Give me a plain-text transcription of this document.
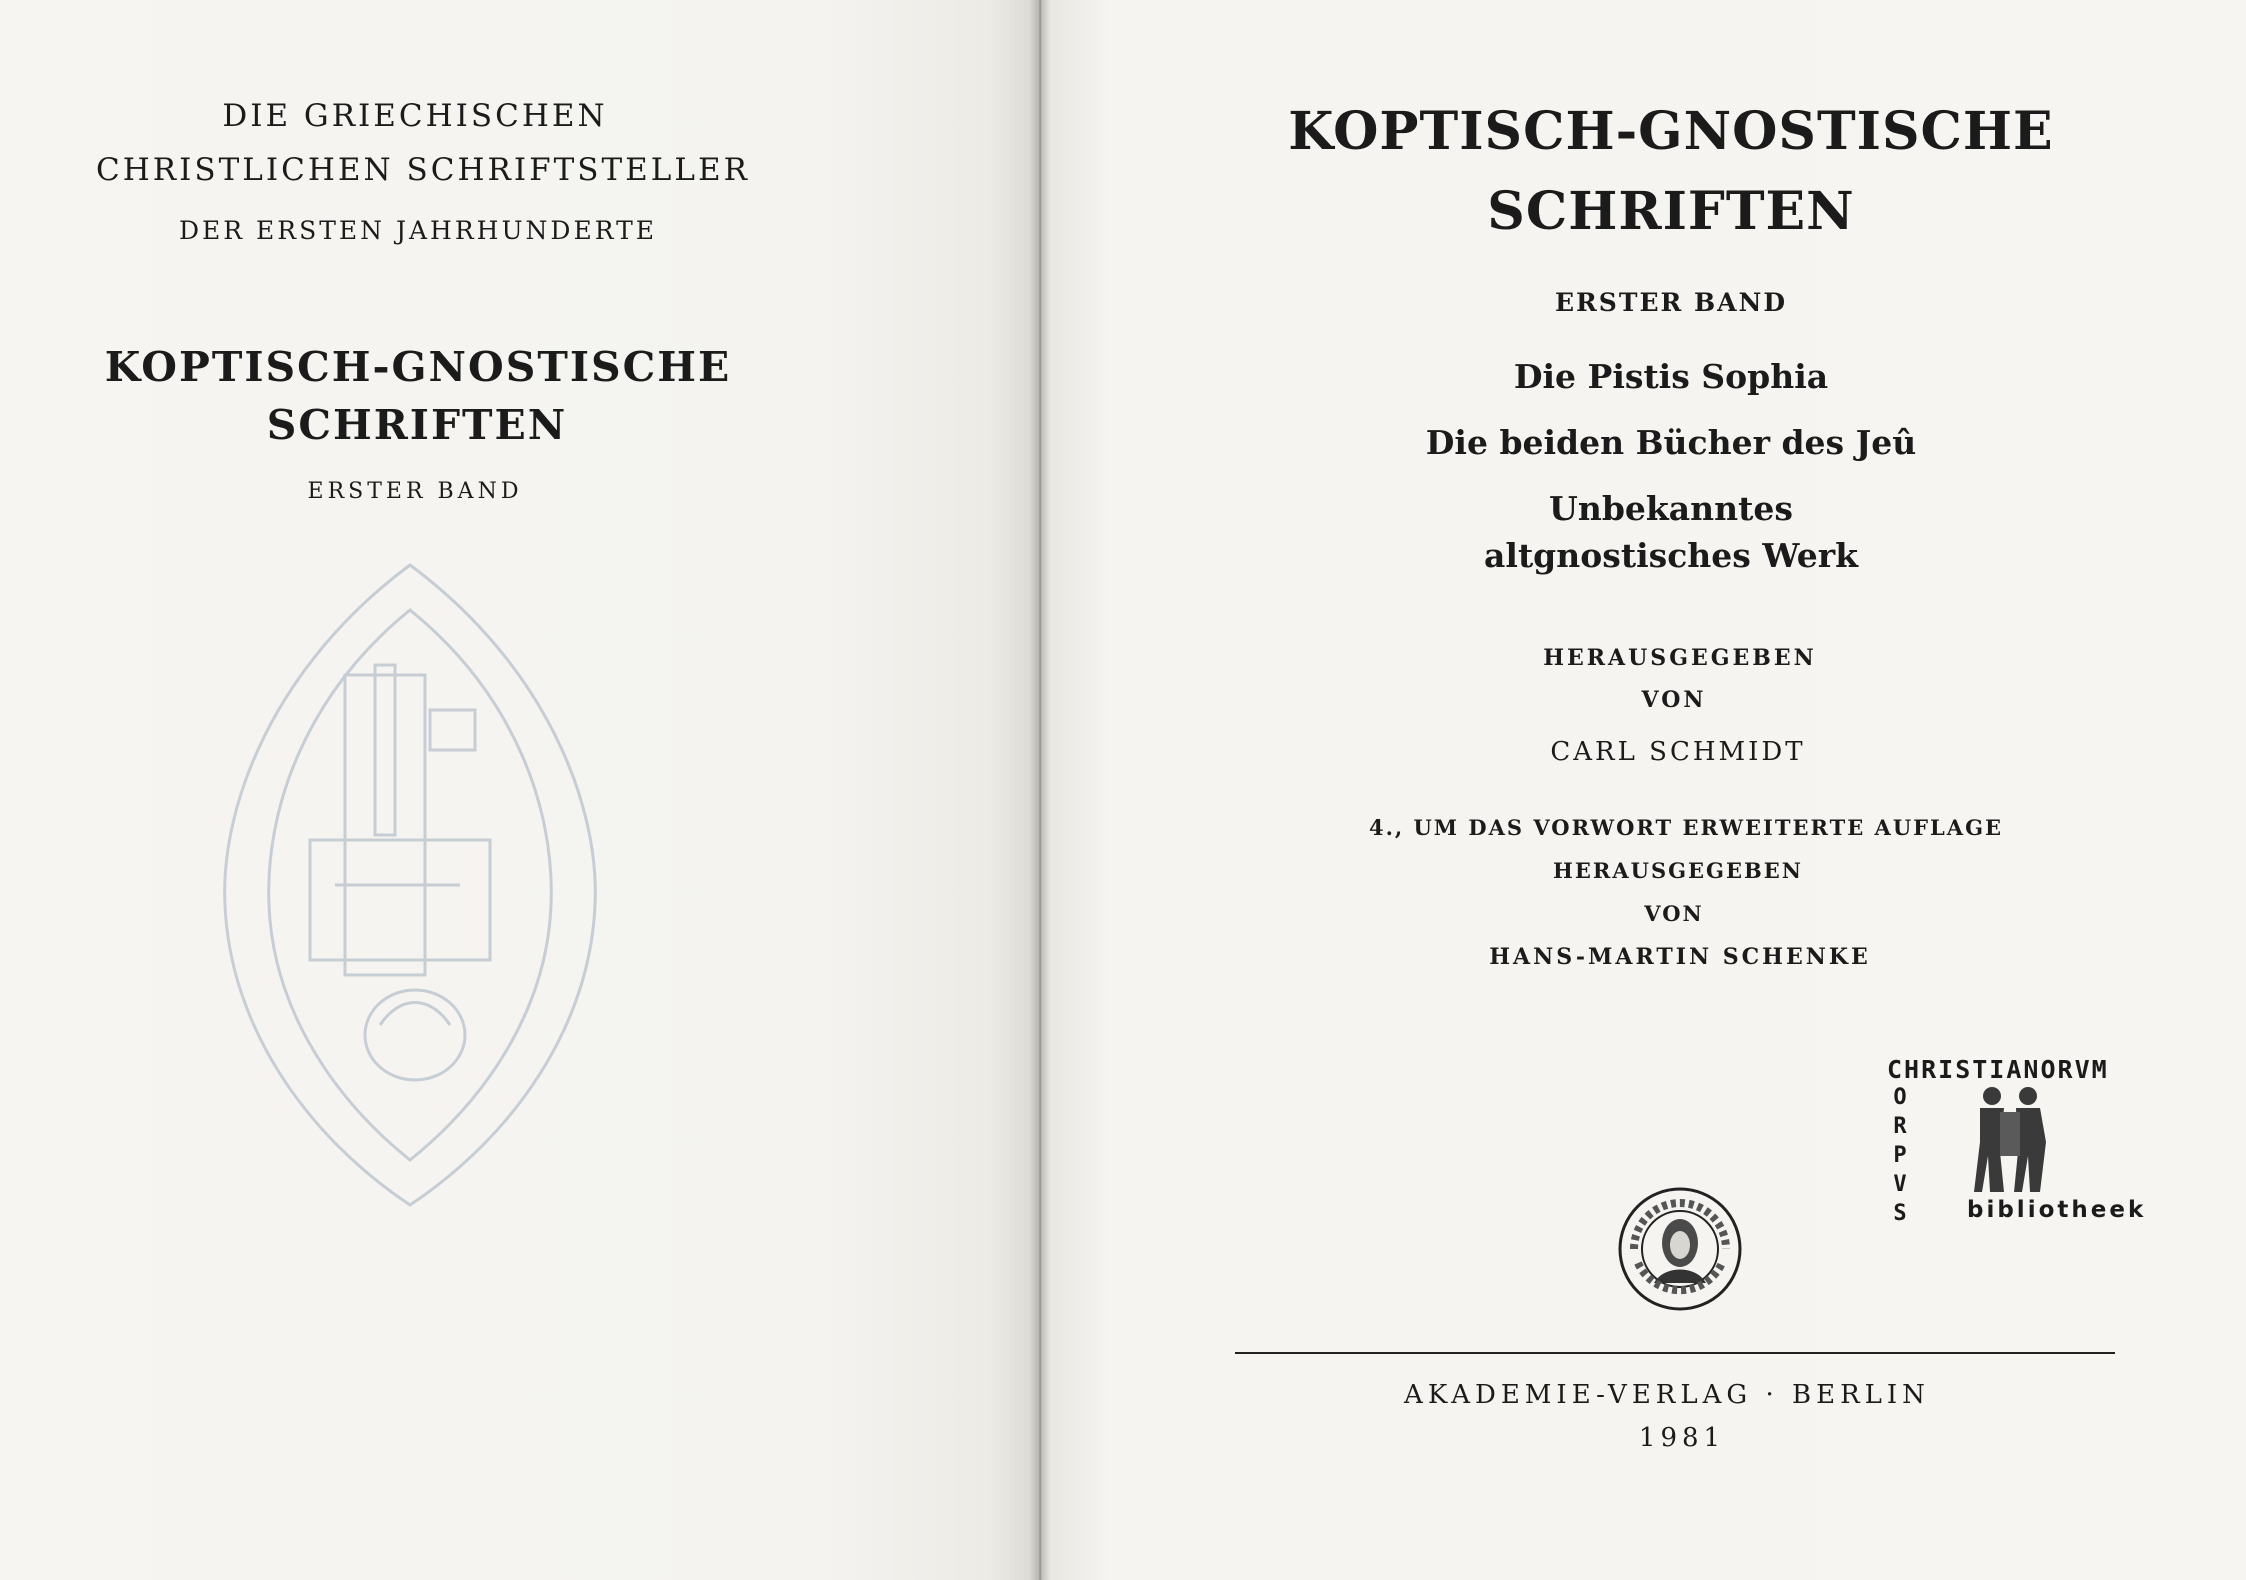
DIE GRIECHISCHEN
CHRISTLICHEN SCHRIFTSTELLER
DER ERSTEN JAHRHUNDERTE
KOPTISCH-GNOSTISCHE
SCHRIFTEN
ERSTER BAND
KOPTISCH-GNOSTISCHE
SCHRIFTEN
ERSTER BAND
Die Pistis Sophia
Die beiden Bücher des Jeû
Unbekanntes
altgnostisches Werk
HERAUSGEGEBEN
VON
CARL SCHMIDT
4., UM DAS VORWORT ERWEITERTE AUFLAGE
HERAUSGEGEBEN
VON
HANS-MARTIN SCHENKE
CHRISTIANORVM
O
R
P
V
S	bibliotheek
AKADEMIE-VERLAG · BERLIN
1981
